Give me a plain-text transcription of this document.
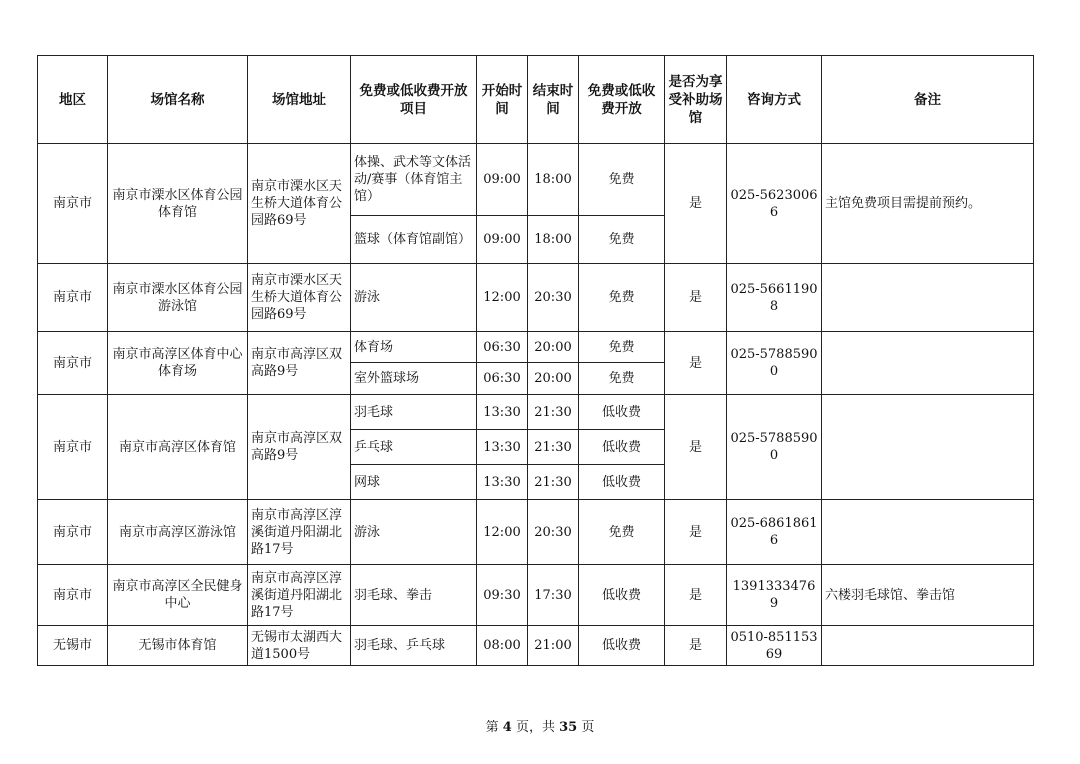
地区	场馆名称	场馆地址	免费或低收费开放项目	开始时间	结束时间	免费或低收费开放	是否为享受补助场馆	咨询方式	备注
南京市	南京市溧水区体育公园体育馆	南京市溧水区天生桥大道体育公园路69号	体操、武术等文体活动/赛事（体育馆主馆）	09:00	18:00	免费	是	025-56230066	主馆免费项目需提前预约。
			篮球（体育馆副馆）	09:00	18:00	免费			
南京市	南京市溧水区体育公园游泳馆	南京市溧水区天生桥大道体育公园路69号	游泳	12:00	20:30	免费	是	025-56611908	
南京市	南京市高淳区体育中心体育场	南京市高淳区双高路9号	体育场	06:30	20:00	免费	是	025-57885900	
			室外篮球场	06:30	20:00	免费			
南京市	南京市高淳区体育馆	南京市高淳区双高路9号	羽毛球	13:30	21:30	低收费	是	025-57885900	
			乒乓球	13:30	21:30	低收费			
			网球	13:30	21:30	低收费			
南京市	南京市高淳区游泳馆	南京市高淳区淳溪街道丹阳湖北路17号	游泳	12:00	20:30	免费	是	025-68618616	
南京市	南京市高淳区全民健身中心	南京市高淳区淳溪街道丹阳湖北路17号	羽毛球、拳击	09:30	17:30	低收费	是	13913334769	六楼羽毛球馆、拳击馆
无锡市	无锡市体育馆	无锡市太湖西大道1500号	羽毛球、乒乓球	08:00	21:00	低收费	是	0510-85115369	
第 4 页，共 35 页
